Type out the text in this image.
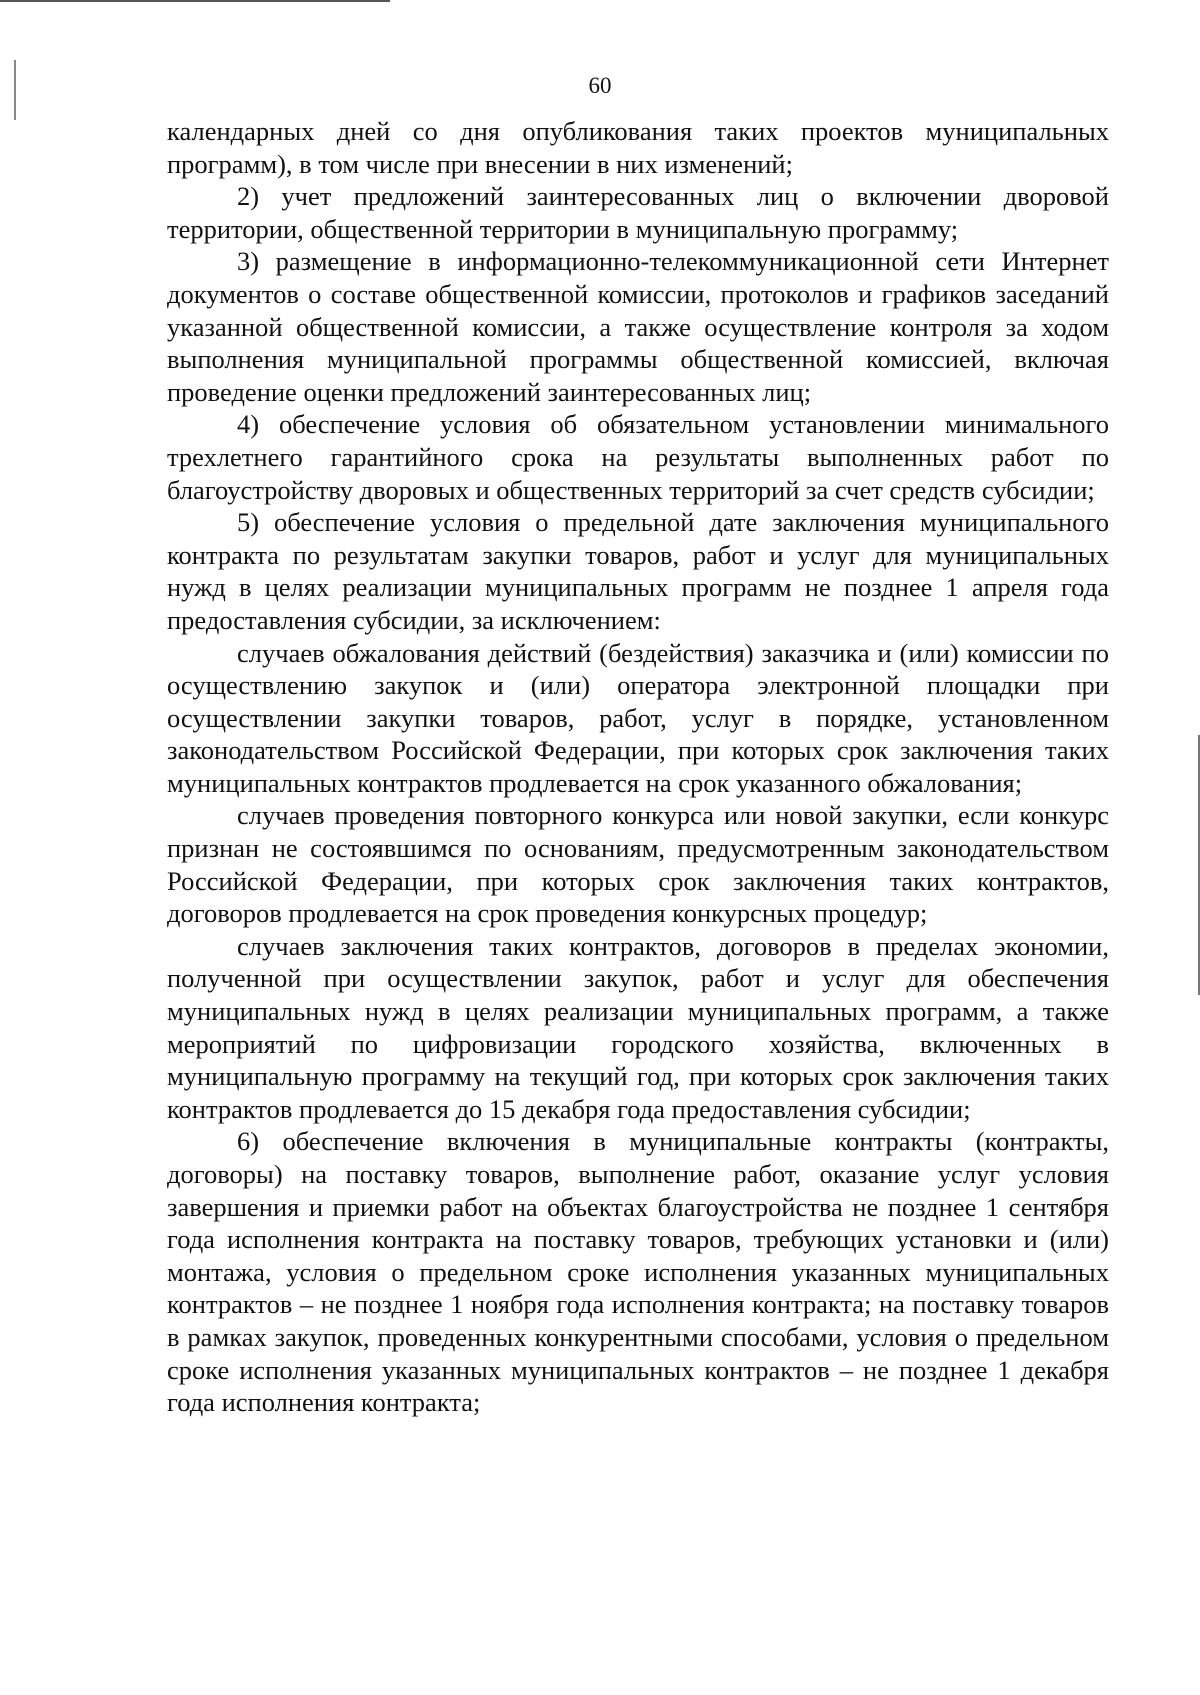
60

календарных дней со дня опубликования таких проектов муниципальных программ), в том числе при внесении в них изменений;

2) учет предложений заинтересованных лиц о включении дворовой территории, общественной территории в муниципальную программу;

3) размещение в информационно-телекоммуникационной сети Интернет документов о составе общественной комиссии, протоколов и графиков заседаний указанной общественной комиссии, а также осуществление контроля за ходом выполнения муниципальной программы общественной комиссией, включая проведение оценки предложений заинтересованных лиц;

4) обеспечение условия об обязательном установлении минимального трехлетнего гарантийного срока на результаты выполненных работ по благоустройству дворовых и общественных территорий за счет средств субсидии;

5) обеспечение условия о предельной дате заключения муниципального контракта по результатам закупки товаров, работ и услуг для муниципальных нужд в целях реализации муниципальных программ не позднее 1 апреля года предоставления субсидии, за исключением:

случаев обжалования действий (бездействия) заказчика и (или) комиссии по осуществлению закупок и (или) оператора электронной площадки при осуществлении закупки товаров, работ, услуг в порядке, установленном законодательством Российской Федерации, при которых срок заключения таких муниципальных контрактов продлевается на срок указанного обжалования;

случаев проведения повторного конкурса или новой закупки, если конкурс признан не состоявшимся по основаниям, предусмотренным законодательством Российской Федерации, при которых срок заключения таких контрактов, договоров продлевается на срок проведения конкурсных процедур;

случаев заключения таких контрактов, договоров в пределах экономии, полученной при осуществлении закупок, работ и услуг для обеспечения муниципальных нужд в целях реализации муниципальных программ, а также мероприятий по цифровизации городского хозяйства, включенных в муниципальную программу на текущий год, при которых срок заключения таких контрактов продлевается до 15 декабря года предоставления субсидии;

6) обеспечение включения в муниципальные контракты (контракты, договоры) на поставку товаров, выполнение работ, оказание услуг условия завершения и приемки работ на объектах благоустройства не позднее 1 сентября года исполнения контракта на поставку товаров, требующих установки и (или) монтажа, условия о предельном сроке исполнения указанных муниципальных контрактов – не позднее 1 ноября года исполнения контракта; на поставку товаров в рамках закупок, проведенных конкурентными способами, условия о предельном сроке исполнения указанных муниципальных контрактов – не позднее 1 декабря года исполнения контракта;
